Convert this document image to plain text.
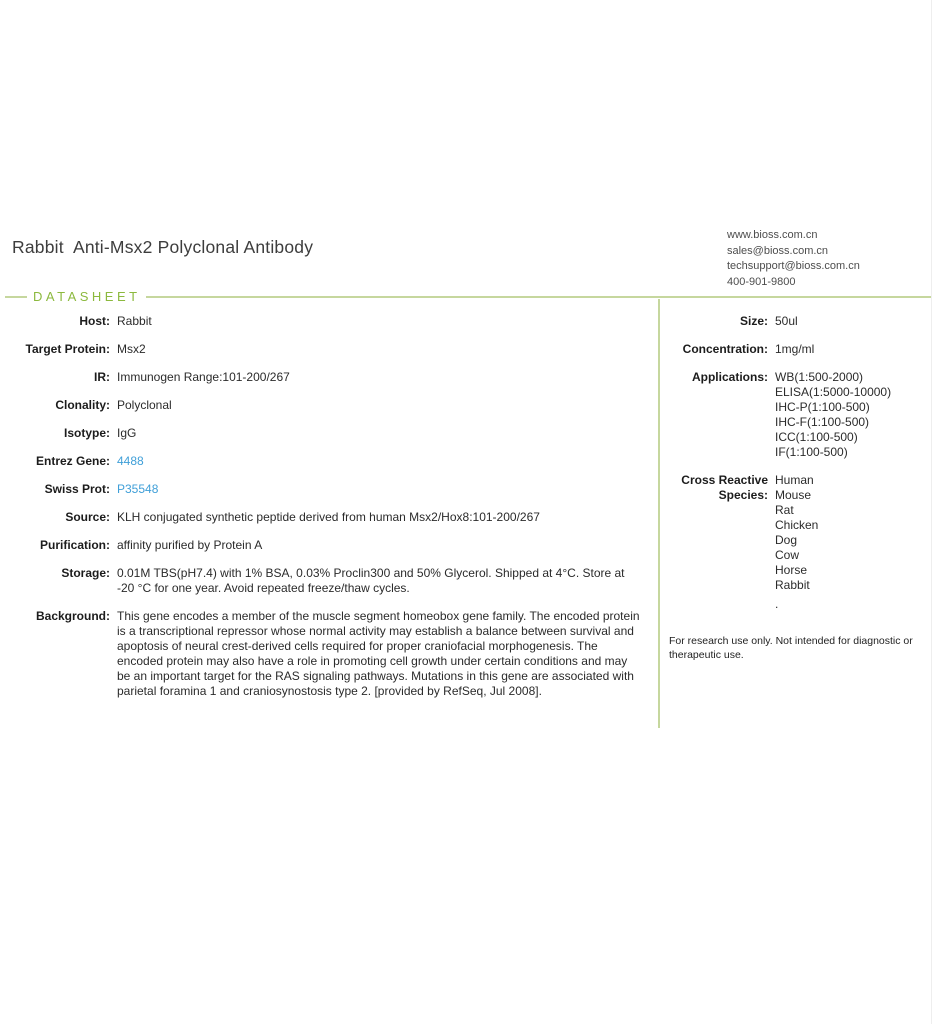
Rabbit  Anti-Msx2 Polyclonal Antibody
www.bioss.com.cn
sales@bioss.com.cn
techsupport@bioss.com.cn
400-901-9800
DATASHEET
Host: Rabbit
Target Protein: Msx2
IR: Immunogen Range:101-200/267
Clonality: Polyclonal
Isotype: IgG
Entrez Gene: 4488
Swiss Prot: P35548
Source: KLH conjugated synthetic peptide derived from human Msx2/Hox8:101-200/267
Purification: affinity purified by Protein A
Storage: 0.01M TBS(pH7.4) with 1% BSA, 0.03% Proclin300 and 50% Glycerol. Shipped at 4°C. Store at -20 °C for one year. Avoid repeated freeze/thaw cycles.
Background: This gene encodes a member of the muscle segment homeobox gene family. The encoded protein is a transcriptional repressor whose normal activity may establish a balance between survival and apoptosis of neural crest-derived cells required for proper craniofacial morphogenesis. The encoded protein may also have a role in promoting cell growth under certain conditions and may be an important target for the RAS signaling pathways. Mutations in this gene are associated with parietal foramina 1 and craniosynostosis type 2. [provided by RefSeq, Jul 2008].
Size: 50ul
Concentration: 1mg/ml
Applications: WB(1:500-2000)
ELISA(1:5000-10000)
IHC-P(1:100-500)
IHC-F(1:100-500)
ICC(1:100-500)
IF(1:100-500)
Cross Reactive
Species:
Human
Mouse
Rat
Chicken
Dog
Cow
Horse
Rabbit
.
For research use only. Not intended for diagnostic or therapeutic use.
